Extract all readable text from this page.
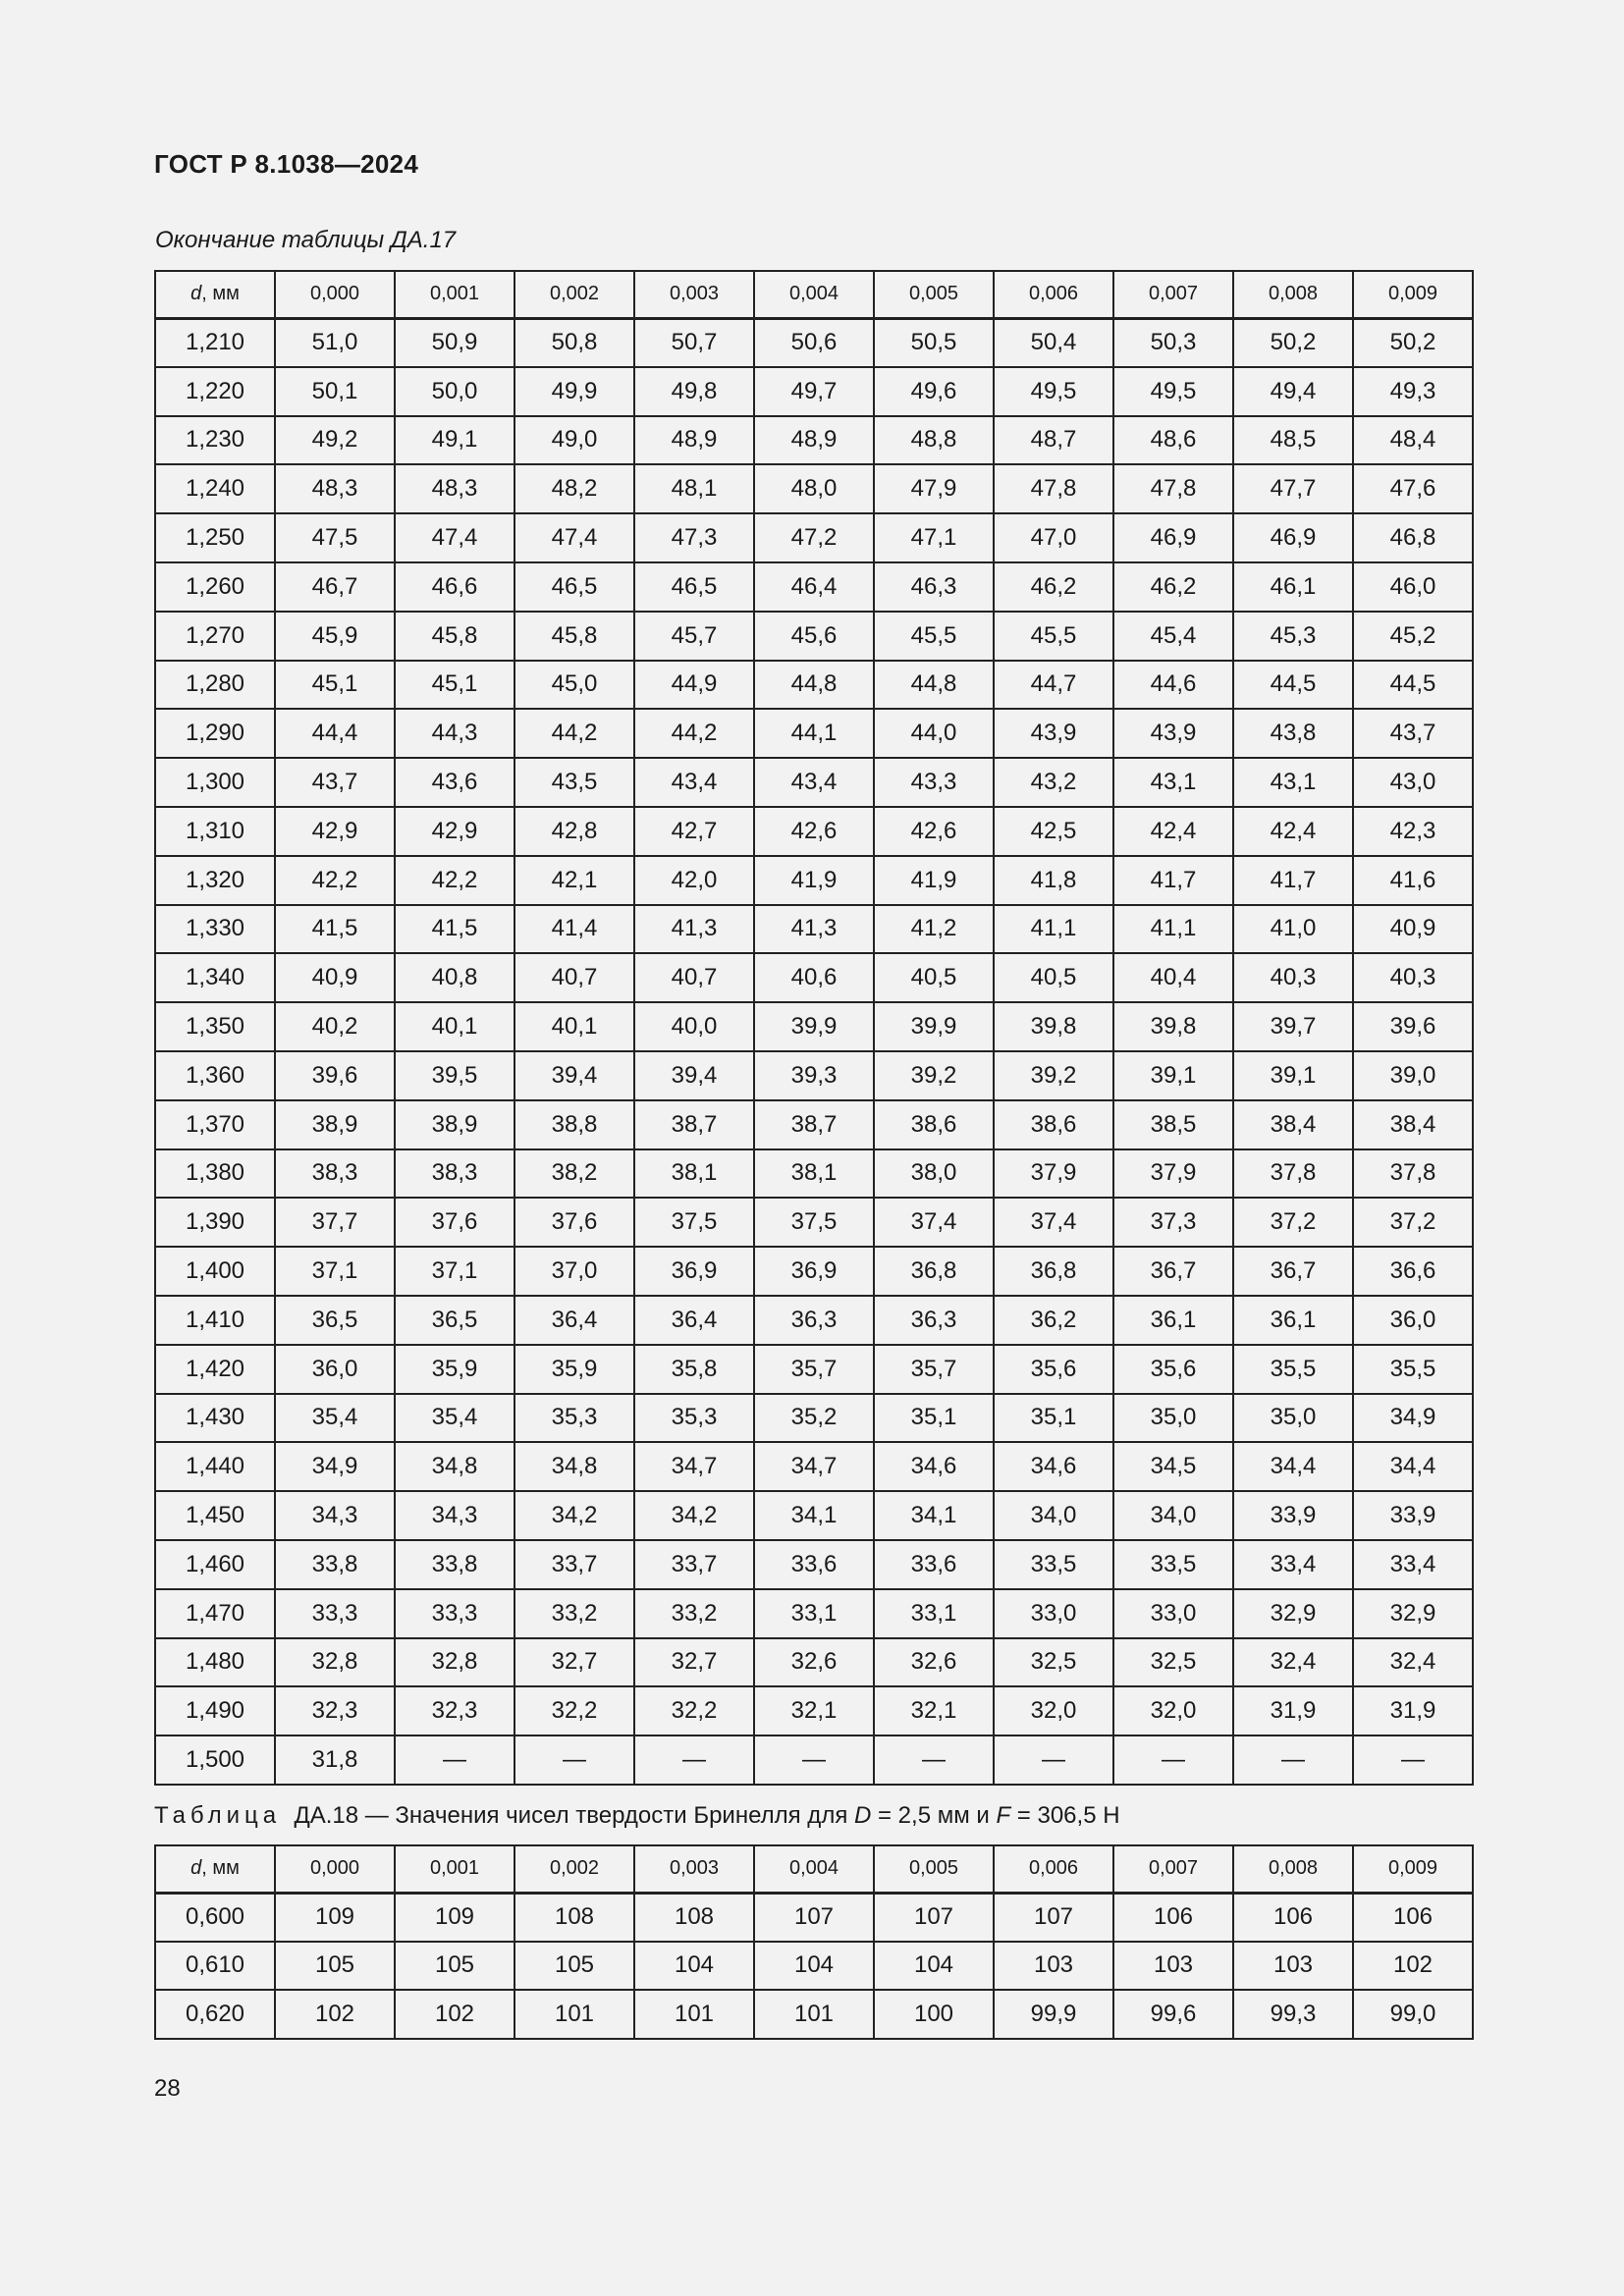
ГОСТ Р 8.1038—2024
Окончание таблицы ДА.17
d, мм	0,000	0,001	0,002	0,003	0,004	0,005	0,006	0,007	0,008	0,009
1,210	51,0	50,9	50,8	50,7	50,6	50,5	50,4	50,3	50,2	50,2
1,220	50,1	50,0	49,9	49,8	49,7	49,6	49,5	49,5	49,4	49,3
1,230	49,2	49,1	49,0	48,9	48,9	48,8	48,7	48,6	48,5	48,4
1,240	48,3	48,3	48,2	48,1	48,0	47,9	47,8	47,8	47,7	47,6
1,250	47,5	47,4	47,4	47,3	47,2	47,1	47,0	46,9	46,9	46,8
1,260	46,7	46,6	46,5	46,5	46,4	46,3	46,2	46,2	46,1	46,0
1,270	45,9	45,8	45,8	45,7	45,6	45,5	45,5	45,4	45,3	45,2
1,280	45,1	45,1	45,0	44,9	44,8	44,8	44,7	44,6	44,5	44,5
1,290	44,4	44,3	44,2	44,2	44,1	44,0	43,9	43,9	43,8	43,7
1,300	43,7	43,6	43,5	43,4	43,4	43,3	43,2	43,1	43,1	43,0
1,310	42,9	42,9	42,8	42,7	42,6	42,6	42,5	42,4	42,4	42,3
1,320	42,2	42,2	42,1	42,0	41,9	41,9	41,8	41,7	41,7	41,6
1,330	41,5	41,5	41,4	41,3	41,3	41,2	41,1	41,1	41,0	40,9
1,340	40,9	40,8	40,7	40,7	40,6	40,5	40,5	40,4	40,3	40,3
1,350	40,2	40,1	40,1	40,0	39,9	39,9	39,8	39,8	39,7	39,6
1,360	39,6	39,5	39,4	39,4	39,3	39,2	39,2	39,1	39,1	39,0
1,370	38,9	38,9	38,8	38,7	38,7	38,6	38,6	38,5	38,4	38,4
1,380	38,3	38,3	38,2	38,1	38,1	38,0	37,9	37,9	37,8	37,8
1,390	37,7	37,6	37,6	37,5	37,5	37,4	37,4	37,3	37,2	37,2
1,400	37,1	37,1	37,0	36,9	36,9	36,8	36,8	36,7	36,7	36,6
1,410	36,5	36,5	36,4	36,4	36,3	36,3	36,2	36,1	36,1	36,0
1,420	36,0	35,9	35,9	35,8	35,7	35,7	35,6	35,6	35,5	35,5
1,430	35,4	35,4	35,3	35,3	35,2	35,1	35,1	35,0	35,0	34,9
1,440	34,9	34,8	34,8	34,7	34,7	34,6	34,6	34,5	34,4	34,4
1,450	34,3	34,3	34,2	34,2	34,1	34,1	34,0	34,0	33,9	33,9
1,460	33,8	33,8	33,7	33,7	33,6	33,6	33,5	33,5	33,4	33,4
1,470	33,3	33,3	33,2	33,2	33,1	33,1	33,0	33,0	32,9	32,9
1,480	32,8	32,8	32,7	32,7	32,6	32,6	32,5	32,5	32,4	32,4
1,490	32,3	32,3	32,2	32,2	32,1	32,1	32,0	32,0	31,9	31,9
1,500	31,8	—	—	—	—	—	—	—	—	—
Таблица ДА.18 — Значения чисел твердости Бринелля для D = 2,5 мм и F = 306,5 Н
d, мм	0,000	0,001	0,002	0,003	0,004	0,005	0,006	0,007	0,008	0,009
0,600	109	109	108	108	107	107	107	106	106	106
0,610	105	105	105	104	104	104	103	103	103	102
0,620	102	102	101	101	101	100	99,9	99,6	99,3	99,0
28
